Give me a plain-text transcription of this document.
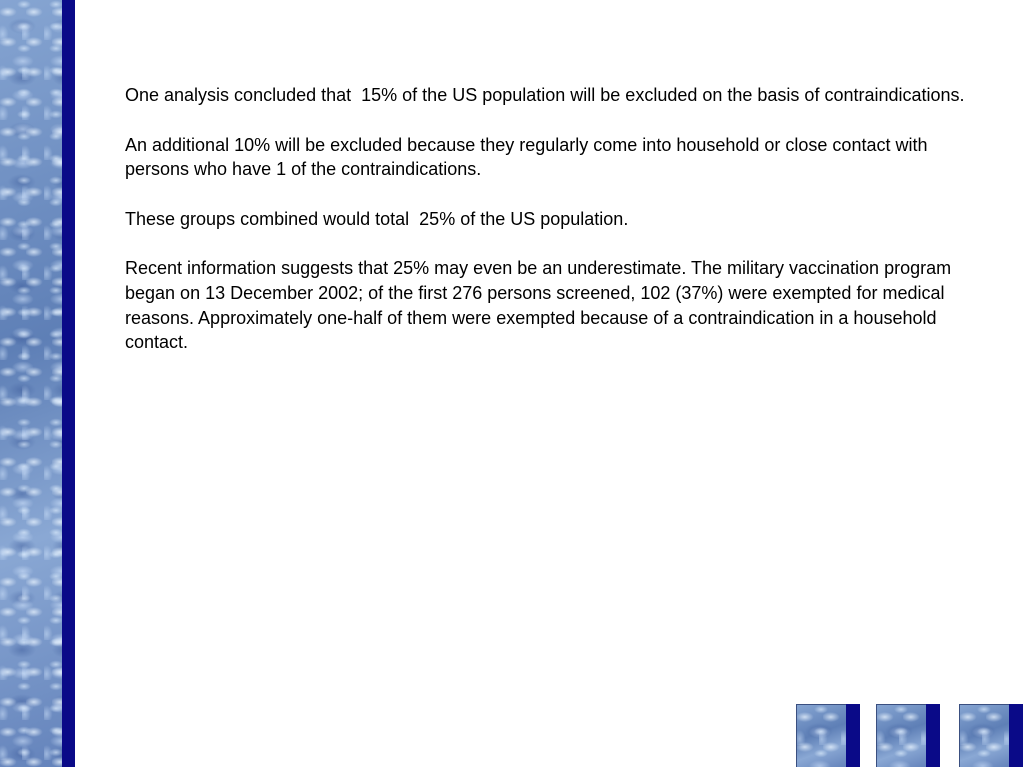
One analysis concluded that  15% of the US population will be excluded on the basis of contraindications.

An additional 10% will be excluded because they regularly come into household or close contact with persons who have 1 of the contraindications.

These groups combined would total  25% of the US population.

Recent information suggests that 25% may even be an underestimate. The military vaccination program began on 13 December 2002; of the first 276 persons screened, 102 (37%) were exempted for medical reasons. Approximately one-half of them were exempted because of a contraindication in a household contact.
